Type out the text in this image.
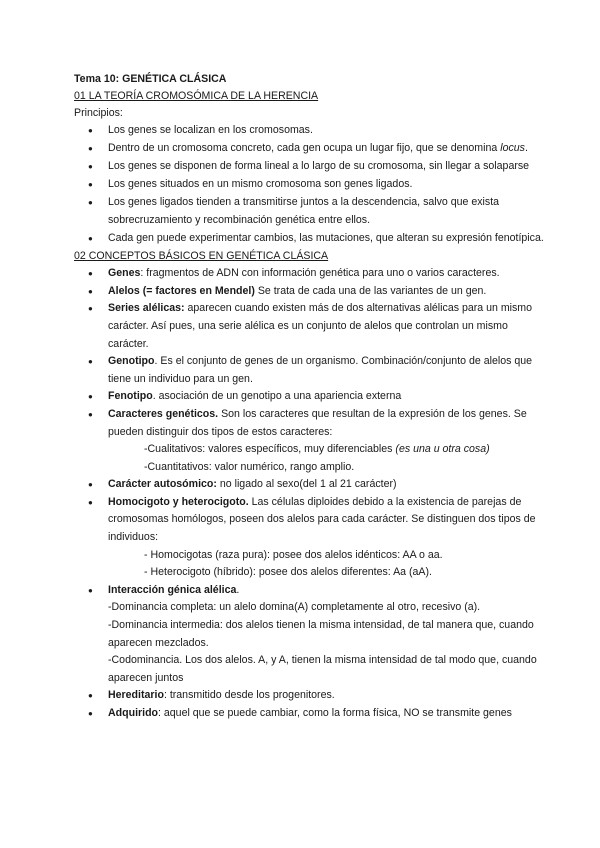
Tema 10: GENÉTICA CLÁSICA
01 LA TEORÍA CROMOSÓMICA DE LA HERENCIA
Principios:
● Los genes se localizan en los cromosomas.
● Dentro de un cromosoma concreto, cada gen ocupa un lugar fijo, que se denomina locus.
● Los genes se disponen de forma lineal a lo largo de su cromosoma, sin llegar a solaparse
● Los genes situados en un mismo cromosoma son genes ligados.
● Los genes ligados tienden a transmitirse juntos a la descendencia, salvo que exista sobrecruzamiento y recombinación genética entre ellos.
● Cada gen puede experimentar cambios, las mutaciones, que alteran su expresión fenotípica.
02 CONCEPTOS BÁSICOS EN GENÉTICA CLÁSICA
● Genes: fragmentos de ADN con información genética para uno o varios caracteres.
● Alelos (= factores en Mendel) Se trata de cada una de las variantes de un gen.
● Series alélicas: aparecen cuando existen más de dos alternativas alélicas para un mismo carácter. Así pues, una serie alélica es un conjunto de alelos que controlan un mismo carácter.
● Genotipo. Es el conjunto de genes de un organismo. Combinación/conjunto de alelos que tiene un individuo para un gen.
● Fenotipo. asociación de un genotipo a una apariencia externa
● Caracteres genéticos. Son los caracteres que resultan de la expresión de los genes. Se pueden distinguir dos tipos de estos caracteres:
-Cualitativos: valores específicos, muy diferenciables (es una u otra cosa)
-Cuantitativos: valor numérico, rango amplio.
● Carácter autosómico: no ligado al sexo(del 1 al 21 carácter)
● Homocigoto y heterocigoto. Las células diploides debido a la existencia de parejas de cromosomas homólogos, poseen dos alelos para cada carácter. Se distinguen dos tipos de individuos:
- Homocigotas (raza pura): posee dos alelos idénticos: AA o aa.
- Heterocigoto (híbrido): posee dos alelos diferentes: Aa (aA).
● Interacción génica alélica.
-Dominancia completa: un alelo domina(A) completamente al otro, recesivo (a).
-Dominancia intermedia: dos alelos tienen la misma intensidad, de tal manera que, cuando aparecen mezclados.
-Codominancia. Los dos alelos. A, y A, tienen la misma intensidad de tal modo que, cuando aparecen juntos
● Hereditario: transmitido desde los progenitores.
● Adquirido: aquel que se puede cambiar, como la forma física, NO se transmite genes
